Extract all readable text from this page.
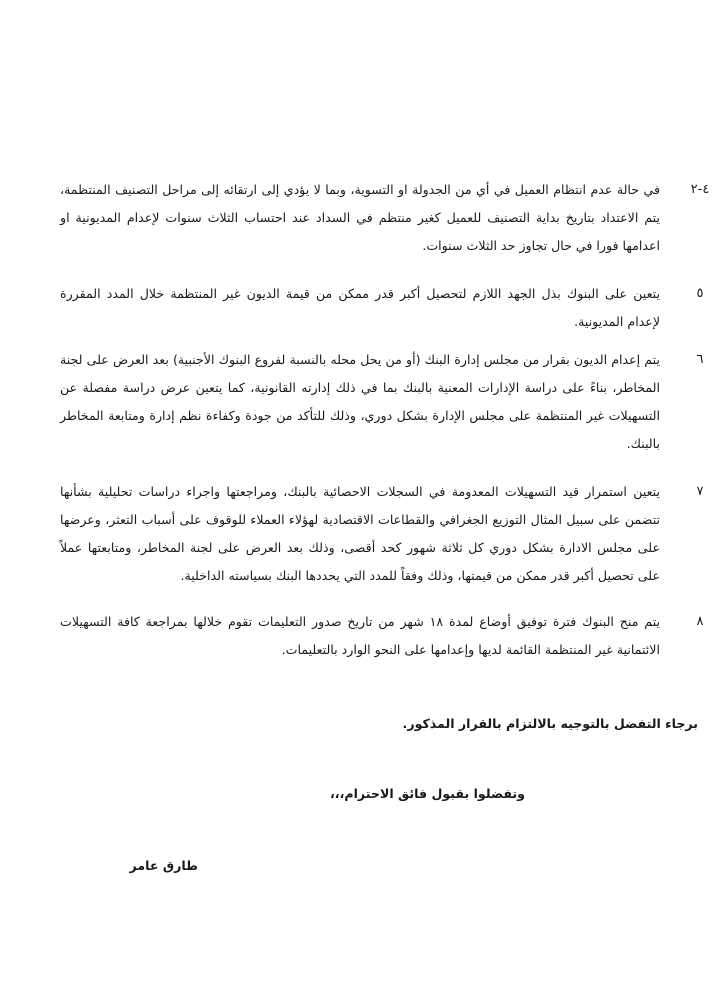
٤-٢
في حالة عدم انتظام العميل في أي من الجدولة او التسوية، وبما لا يؤدي إلى ارتقائه إلى مراحل التصنيف المنتظمة، يتم الاعتداد بتاريخ بداية التصنيف للعميل كغير منتظم في السداد عند احتساب الثلاث سنوات لإعدام المديونية او اعدامها فورا في حال تجاوز حد الثلاث سنوات.
٥
يتعين على البنوك بذل الجهد اللازم لتحصيل أكبر قدر ممكن من قيمة الديون غير المنتظمة خلال المدد المقررة لإعدام المديونية.
٦
يتم إعدام الديون بقرار من مجلس إدارة البنك (أو من يحل محله بالنسبة لفروع البنوك الأجنبية) بعد العرض على لجنة المخاطر، بناءً على دراسة الإدارات المعنية بالبنك بما في ذلك إدارته القانونية، كما يتعين عرض دراسة مفصلة عن التسهيلات غير المنتظمة على مجلس الإدارة بشكل دوري، وذلك للتأكد من جودة وكفاءة نظم إدارة ومتابعة المخاطر بالبنك.
٧
يتعين استمرار قيد التسهيلات المعدومة في السجلات الاحصائية بالبنك، ومراجعتها واجراء دراسات تحليلية بشأنها تتضمن على سبيل المثال التوزيع الجغرافي والقطاعات الاقتصادية لهؤلاء العملاء للوقوف على أسباب التعثر، وعرضها على مجلس الادارة بشكل دوري كل ثلاثة شهور كحد أقصى، وذلك بعد العرض على لجنة المخاطر، ومتابعتها عملاً على تحصيل أكبر قدر ممكن من قيمتها، وذلك وفقاً للمدد التي يحددها البنك بسياسته الداخلية.
٨
يتم منح البنوك فترة توفيق أوضاع لمدة ١٨ شهر من تاريخ صدور التعليمات تقوم خلالها بمراجعة كافة التسهيلات الائتمانية غير المنتظمة القائمة لديها وإعدامها على النحو الوارد بالتعليمات.
برجاء التفضل بالتوجيه بالالتزام بالقرار المذكور.
وتفضلوا بقبول فائق الاحترام،،،
طارق عامر
